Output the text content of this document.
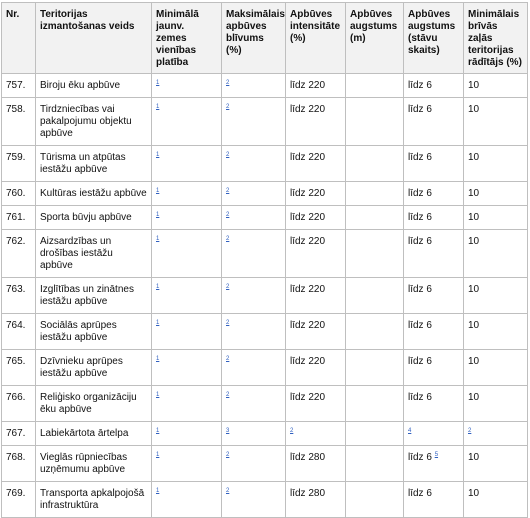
Nr.	Teritorijas izmantošanas veids	Minimālā jaunv. zemes vienības platība	Maksimālais apbūves blīvums (%)	Apbūves intensitāte (%)	Apbūves augstums (m)	Apbūves augstums (stāvu skaits)	Minimālais brīvās zaļās teritorijas rādītājs (%)
757.	Biroju ēku apbūve	$^1$	$^2$	līdz 220		līdz 6	10
758.	Tirdzniecības vai pakalpojumu objektu apbūve	$^1$	$^2$	līdz 220		līdz 6	10
759.	Tūrisma un atpūtas iestāžu apbūve	$^1$	$^2$	līdz 220		līdz 6	10
760.	Kultūras iestāžu apbūve	$^1$	$^2$	līdz 220		līdz 6	10
761.	Sporta būvju apbūve	$^1$	$^2$	līdz 220		līdz 6	10
762.	Aizsardzības un drošības iestāžu apbūve	$^1$	$^2$	līdz 220		līdz 6	10
763.	Izglītības un zinātnes iestāžu apbūve	$^1$	$^2$	līdz 220		līdz 6	10
764.	Sociālās aprūpes iestāžu apbūve	$^1$	$^2$	līdz 220		līdz 6	10
765.	Dzīvnieku aprūpes iestāžu apbūve	$^1$	$^2$	līdz 220		līdz 6	10
766.	Reliģisko organizāciju ēku apbūve	$^1$	$^2$	līdz 220		līdz 6	10
767.	Labiekārtota ārtelpa	$^1$	$^3$	$^2$		$^4$	$^2$
768.	Vieglās rūpniecības uzņēmumu apbūve	$^1$	$^2$	līdz 280		līdz 6 $^5$	10
769.	Transporta apkalpojošā infrastruktūra	$^1$	$^2$	līdz 280		līdz 6	10
